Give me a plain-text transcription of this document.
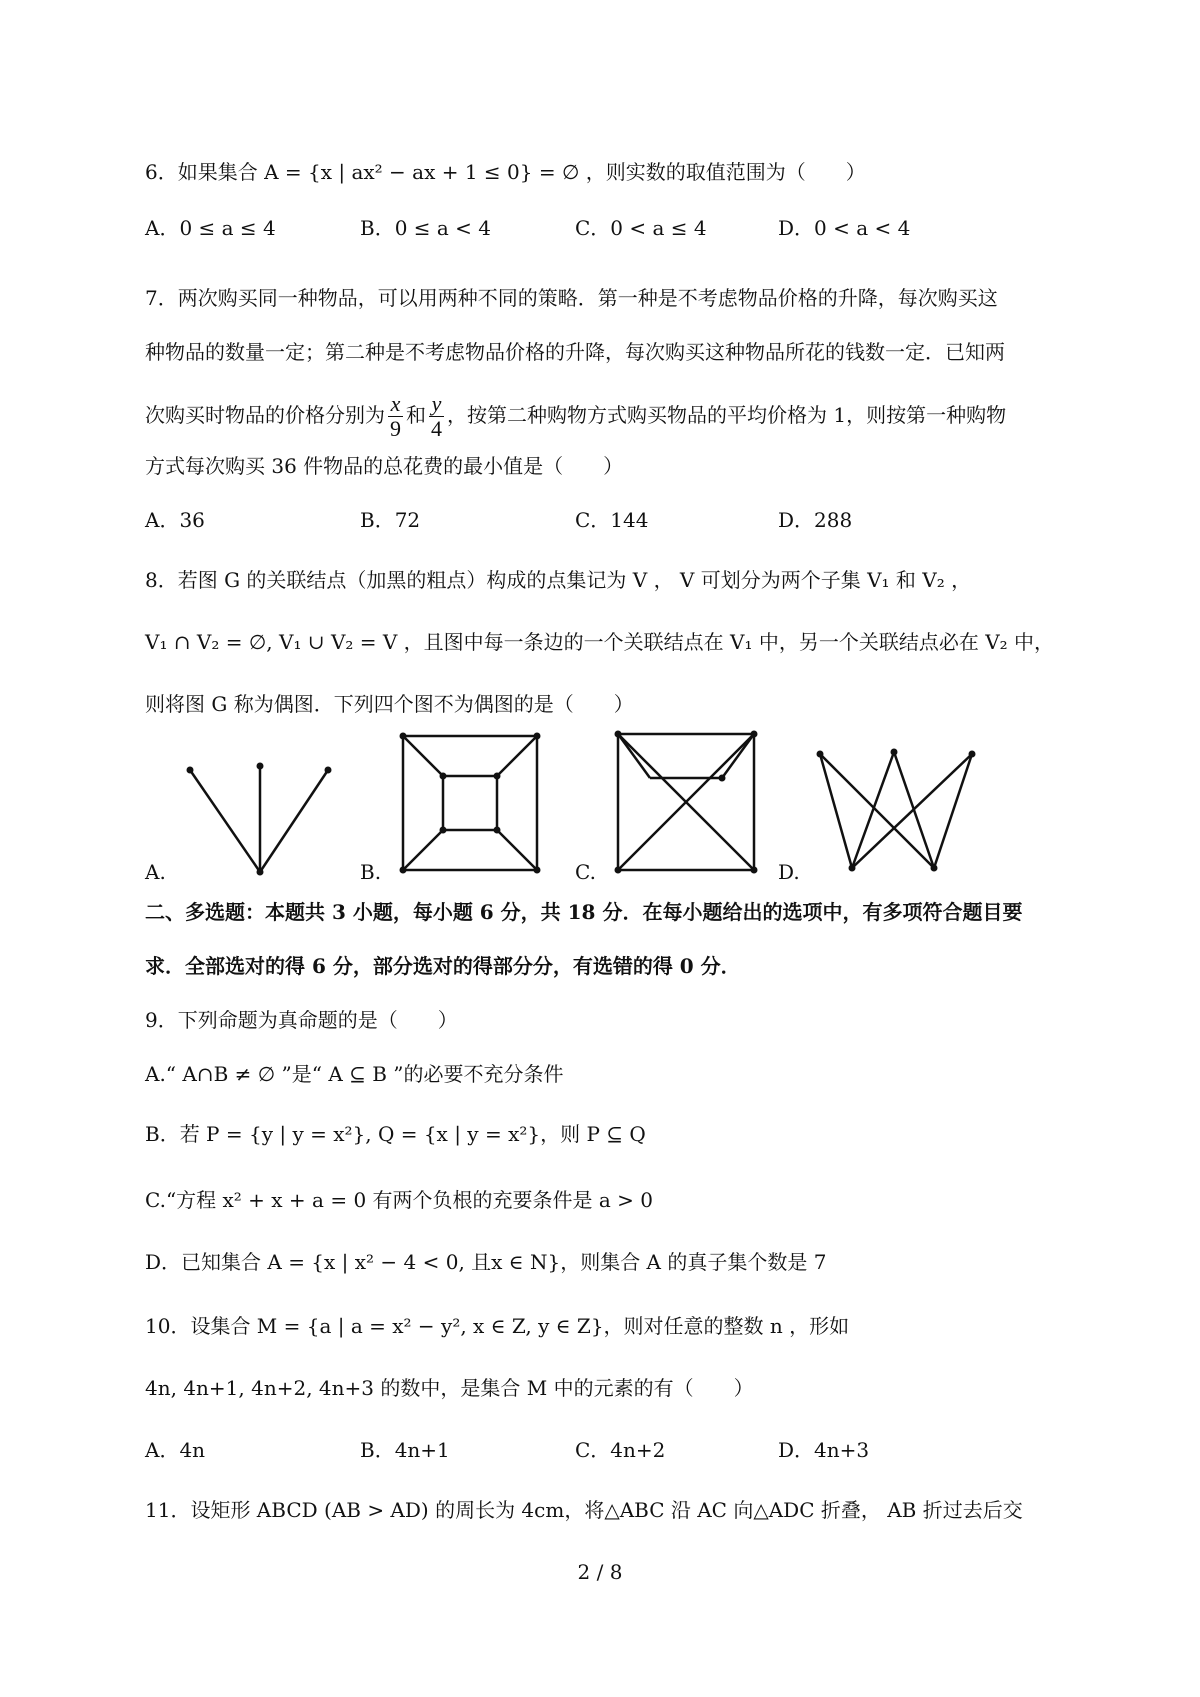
6．如果集合 A = {x | ax² − ax + 1 ≤ 0} = ∅ ，则实数的取值范围为（　　）
A．0 ≤ a ≤ 4	B．0 ≤ a < 4	C．0 < a ≤ 4	D．0 < a < 4
7．两次购买同一种物品，可以用两种不同的策略．第一种是不考虑物品价格的升降，每次购买这
种物品的数量一定；第二种是不考虑物品价格的升降，每次购买这种物品所花的钱数一定．已知两
次购买时物品的价格分别为 $\frac{x}{9}$ 和 $\frac{y}{4}$ ，按第二种购物方式购买物品的平均价格为 1，则按第一种购物
方式每次购买 36 件物品的总花费的最小值是（　　）
A．36	B．72	C．144	D．288
8．若图 G 的关联结点（加黑的粗点）构成的点集记为 V ， V 可划分为两个子集 V₁ 和 V₂ ，
V₁ ∩ V₂ = ∅, V₁ ∪ V₂ = V ，且图中每一条边的一个关联结点在 V₁ 中，另一个关联结点必在 V₂ 中，
则将图 G 称为偶图．下列四个图不为偶图的是（　　）
A.	B.	C.	D.
二、多选题：本题共 3 小题，每小题 6 分，共 18 分．在每小题给出的选项中，有多项符合题目要
求．全部选对的得 6 分，部分选对的得部分分，有选错的得 0 分．
9．下列命题为真命题的是（　　）
A.“ A∩B ≠ ∅ ”是“ A ⊆ B ”的必要不充分条件
B．若 P = {y | y = x²}, Q = {x | y = x²}，则 P ⊆ Q
C.“方程 x² + x + a = 0 有两个负根的充要条件是 a > 0
D．已知集合 A = {x | x² − 4 < 0, 且x ∈ N}，则集合 A 的真子集个数是 7
10．设集合 M = {a | a = x² − y², x ∈ Z, y ∈ Z}，则对任意的整数 n ，形如
4n, 4n+1, 4n+2, 4n+3 的数中，是集合 M 中的元素的有（　　）
A．4n	B．4n+1	C．4n+2	D．4n+3
11．设矩形 ABCD (AB > AD) 的周长为 4cm，将△ABC 沿 AC 向△ADC 折叠， AB 折过去后交
2 / 8
